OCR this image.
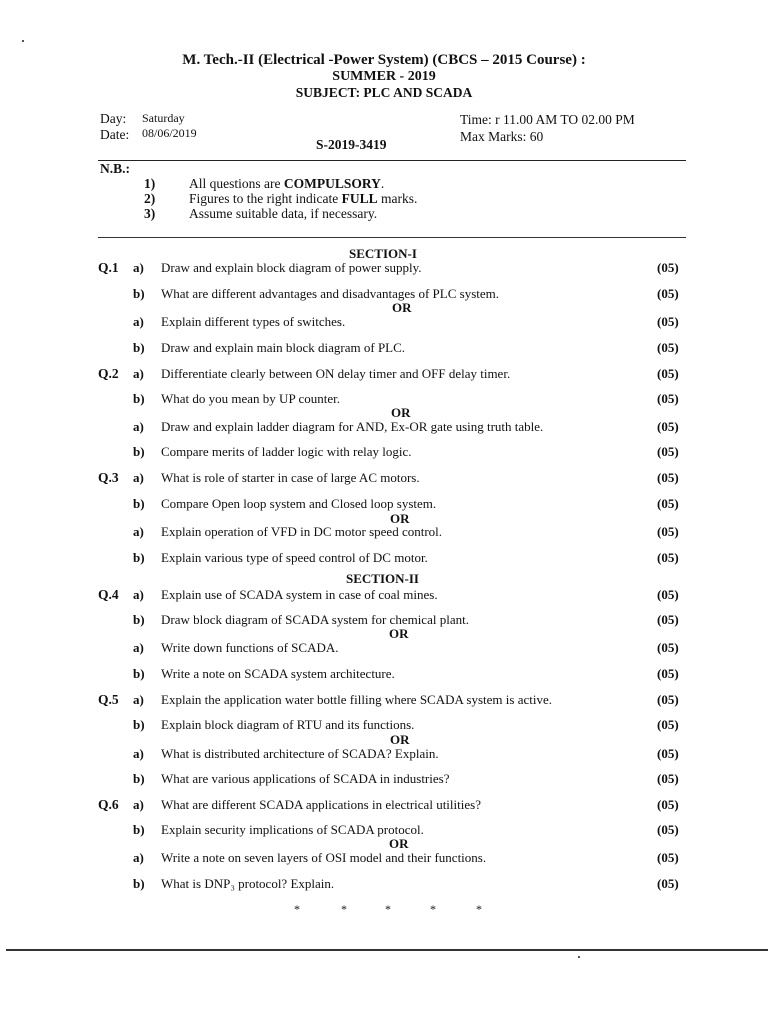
M. Tech.-II (Electrical -Power System) (CBCS – 2015 Course) :
SUMMER - 2019
SUBJECT: PLC AND SCADA
Day: Saturday
Date: 08/06/2019
S-2019-3419
Time: r 11.00 AM TO 02.00 PM
Max Marks: 60
N.B.:
1)	All questions are COMPULSORY.
2)	Figures to the right indicate FULL marks.
3)	Assume suitable data, if necessary.
SECTION-I
SECTION-II
Q.1 a) Draw and explain block diagram of power supply.	(05)
b) What are different advantages and disadvantages of PLC system.	(05)
a) Explain different types of switches.	(05)
b) Draw and explain main block diagram of PLC.	(05)
Q.2 a) Differentiate clearly between ON delay timer and OFF delay timer.	(05)
b) What do you mean by UP counter.	(05)
a) Draw and explain ladder diagram for AND, Ex-OR gate using truth table.	(05)
b) Compare merits of ladder logic with relay logic.	(05)
Q.3 a) What is role of starter in case of large AC motors.	(05)
b) Compare Open loop system and Closed loop system.	(05)
a) Explain operation of VFD in DC motor speed control.	(05)
b) Explain various type of speed control of DC motor.	(05)
Q.4 a) Explain use of SCADA system in case of coal mines.	(05)
b) Draw block diagram of SCADA system for chemical plant.	(05)
a) Write down functions of SCADA.	(05)
b) Write a note on SCADA system architecture.	(05)
Q.5 a) Explain the application water bottle filling where SCADA system is active.	(05)
b) Explain block diagram of RTU and its functions.	(05)
a) What is distributed architecture of SCADA? Explain.	(05)
b) What are various applications of SCADA in industries?	(05)
Q.6 a) What are different SCADA applications in electrical utilities?	(05)
b) Explain security implications of SCADA protocol.	(05)
a) Write a note on seven layers of OSI model and their functions.	(05)
b) What is DNP₃ protocol? Explain.	(05)
OR
OR
OR
OR
OR
OR
*	*	*	*	*
